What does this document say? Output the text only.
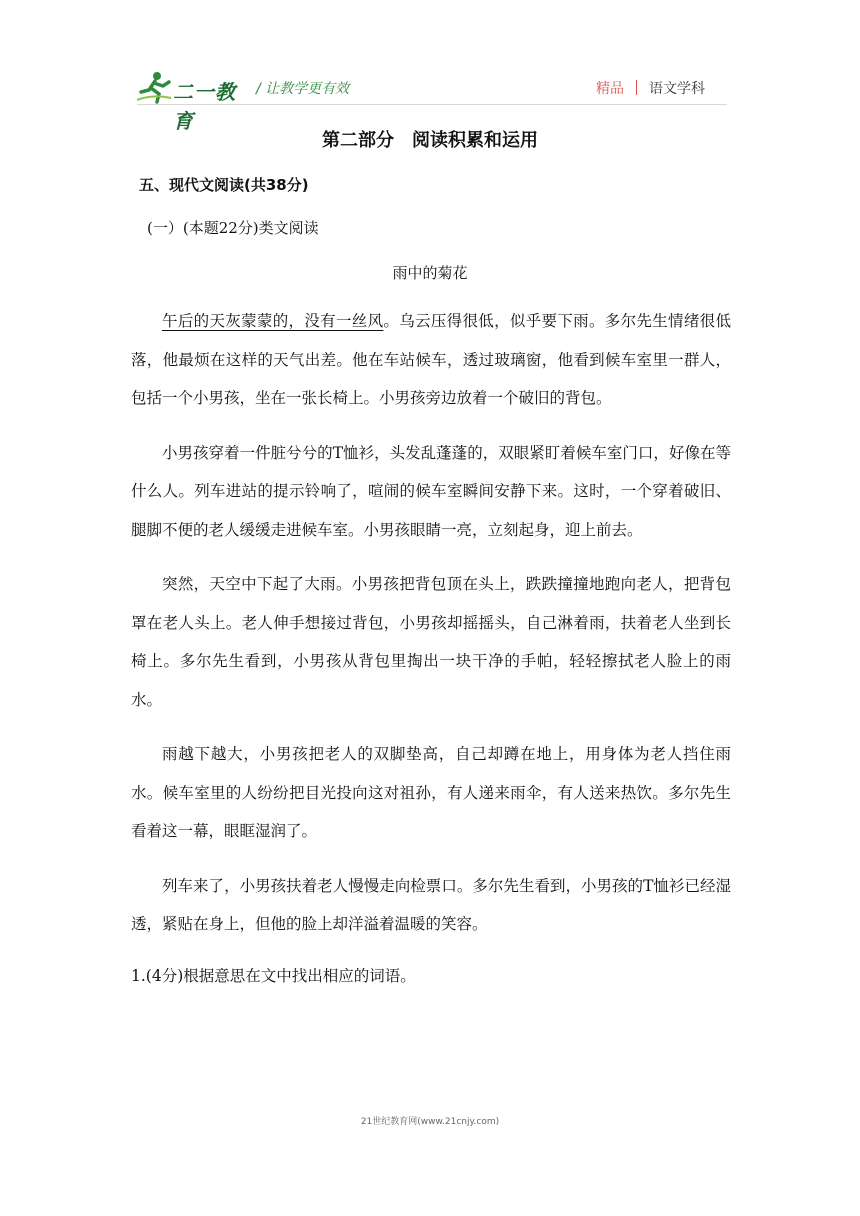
二一教育
/ 让教学更有效	精品 语文学科
第二部分　阅读积累和运用
五、现代文阅读(共38分)
(一）(本题22分)类文阅读
雨中的菊花

午后的天灰蒙蒙的，没有一丝风。乌云压得很低，似乎要下雨。多尔先生情绪很低落，他最烦在这样的天气出差。他在车站候车，透过玻璃窗，他看到候车室里一群人，包括一个小男孩，坐在一张长椅上。小男孩旁边放着一个破旧的背包。

小男孩穿着一件脏兮兮的T恤衫，头发乱蓬蓬的，双眼紧盯着候车室门口，好像在等什么人。列车进站的提示铃响了，喧闹的候车室瞬间安静下来。这时，一个穿着破旧、腿脚不便的老人缓缓走进候车室。小男孩眼睛一亮，立刻起身，迎上前去。

突然，天空中下起了大雨。小男孩把背包顶在头上，跌跌撞撞地跑向老人，把背包罩在老人头上。老人伸手想接过背包，小男孩却摇摇头，自己淋着雨，扶着老人坐到长椅上。多尔先生看到，小男孩从背包里掏出一块干净的手帕，轻轻擦拭老人脸上的雨水。

雨越下越大，小男孩把老人的双脚垫高，自己却蹲在地上，用身体为老人挡住雨水。候车室里的人纷纷把目光投向这对祖孙，有人递来雨伞，有人送来热饮。多尔先生看着这一幕，眼眶湿润了。

列车来了，小男孩扶着老人慢慢走向检票口。多尔先生看到，小男孩的T恤衫已经湿透，紧贴在身上，但他的脸上却洋溢着温暖的笑容。

1.(4分)根据意思在文中找出相应的词语。

21世纪教育网(www.21cnjy.com)
